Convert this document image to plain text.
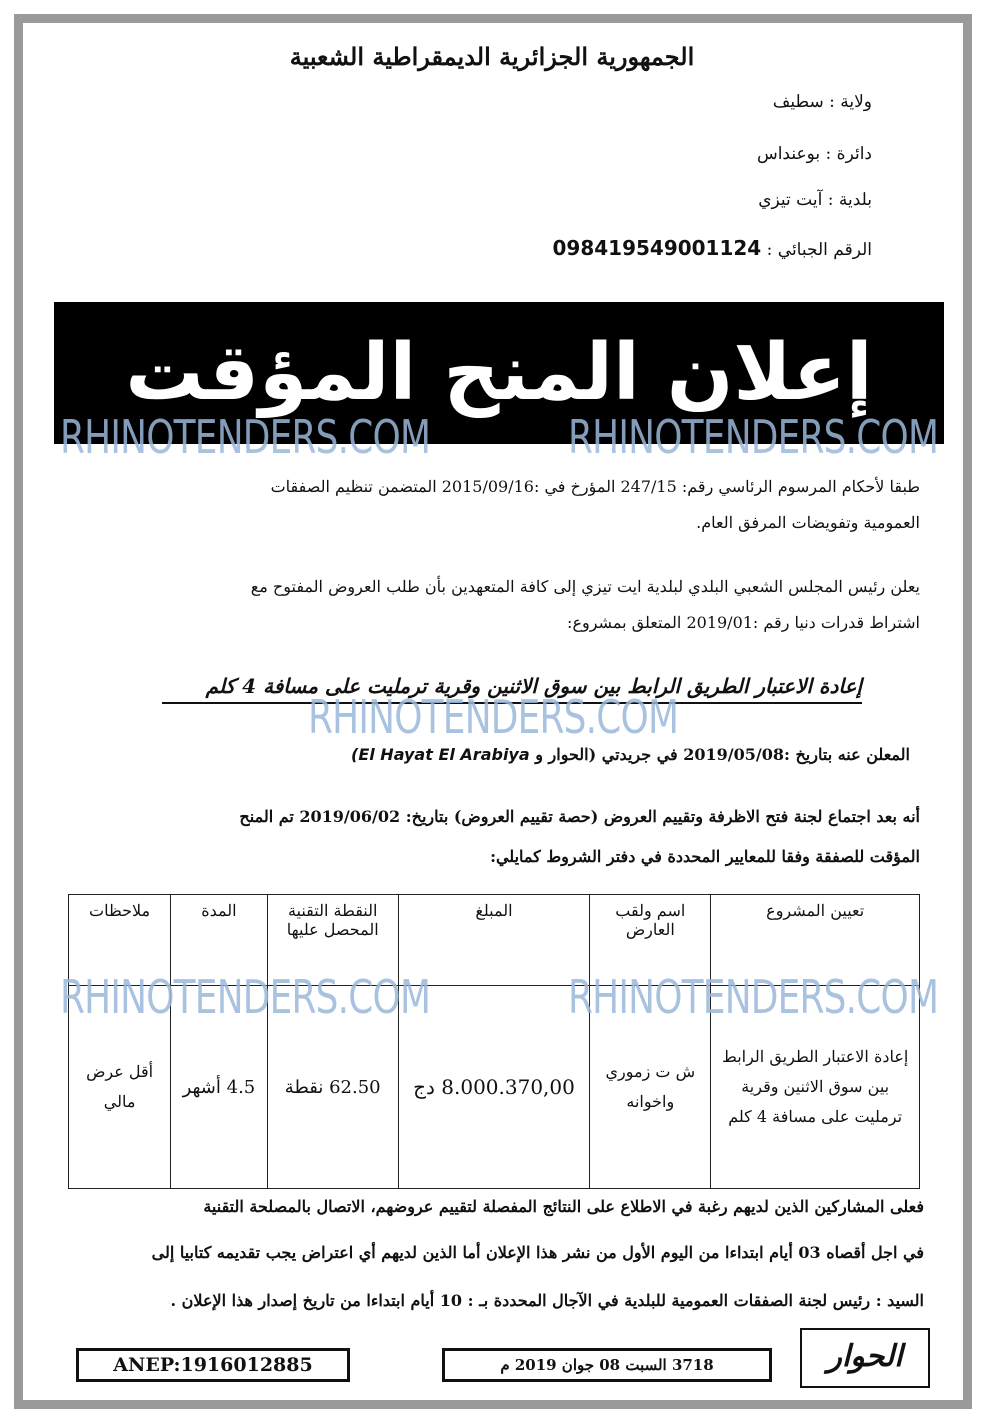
الجمهورية الجزائرية الديمقراطية الشعبية
ولاية : سطيف
دائرة : بوعنداس
بلدية : آيت تيزي
الرقم الجبائي : 098419549001124
إعلان المنح المؤقت
RHINOTENDERS.COM	RHINOTENDERS.COM
طبقا لأحكام المرسوم الرئاسي رقم: 247/15 المؤرخ في :2015/09/16 المتضمن تنظيم الصفقات
العمومية وتفويضات المرفق العام.
يعلن رئيس المجلس الشعبي البلدي لبلدية ايت تيزي إلى كافة المتعهدين بأن طلب العروض المفتوح مع
اشتراط قدرات دنيا رقم :2019/01 المتعلق بمشروع:
إعادة الاعتبار الطريق الرابط بين سوق الاثنين وقرية ترمليت على مسافة 4 كلم
RHINOTENDERS.COM
المعلن عنه بتاريخ :2019/05/08 في جريدتي (الحوار و El Hayat El Arabiya)
أنه بعد اجتماع لجنة فتح الاظرفة وتقييم العروض (حصة تقييم العروض) بتاريخ: 2019/06/02 تم المنح
المؤقت للصفقة وفقا للمعايير المحددة في دفتر الشروط كمايلي:
تعيين المشروع	اسم ولقب العارض	المبلغ	النقطة التقنية المحصل عليها	المدة	ملاحظات
إعادة الاعتبار الطريق الرابط بين سوق الاثنين وقرية ترمليت على مسافة 4 كلم	ش ت زموري واخوانه	8.000.370,00 دج	62.50 نقطة	4.5 أشهر	أقل عرض مالي
RHINOTENDERS.COM	RHINOTENDERS.COM
فعلى المشاركين الذين لديهم رغبة في الاطلاع على النتائج المفصلة لتقييم عروضهم، الاتصال بالمصلحة التقنية
في اجل أقصاه 03 أيام ابتداءا من اليوم الأول من نشر هذا الإعلان أما الذين لديهم أي اعتراض يجب تقديمه كتابيا إلى
السيد : رئيس لجنة الصفقات العمومية للبلدية في الآجال المحددة بـ : 10 أيام ابتداءا من تاريخ إصدار هذا الإعلان .
ANEP:1916012885	3718 السبت 08 جوان 2019 م	الحوار
